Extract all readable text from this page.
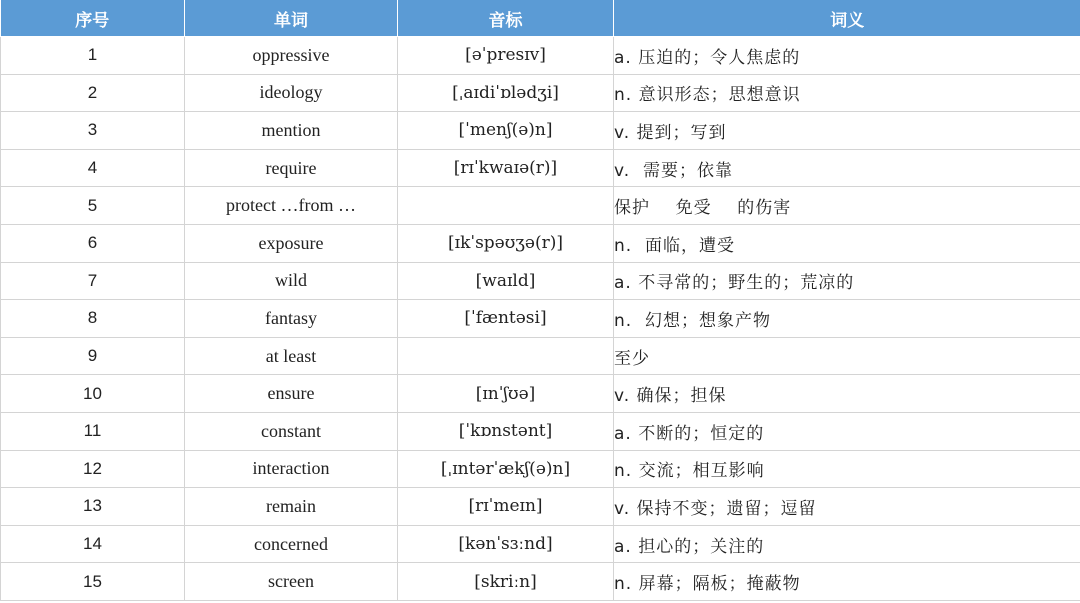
序号	单词	音标	词义
1	oppressive	[əˈpresɪv]	a. 压迫的；令人焦虑的
2	ideology	[ˌaɪdiˈɒlədʒi]	n. 意识形态；思想意识
3	mention	[ˈmenʃ(ə)n]	v. 提到；写到
4	require	[rɪˈkwaɪə(r)]	v.  需要；依靠
5	protect …from …		保护    免受    的伤害
6	exposure	[ɪkˈspəʊʒə(r)]	n.  面临，遭受
7	wild	[waɪld]	a. 不寻常的；野生的；荒凉的
8	fantasy	[ˈfæntəsi]	n.  幻想；想象产物
9	at least		至少
10	ensure	[ɪnˈʃʊə]	v. 确保；担保
11	constant	[ˈkɒnstənt]	a. 不断的；恒定的
12	interaction	[ˌɪntərˈækʃ(ə)n]	n. 交流；相互影响
13	remain	[rɪˈmeɪn]	v. 保持不变；遗留；逗留
14	concerned	[kənˈsɜːnd]	a. 担心的；关注的
15	screen	[skriːn]	n. 屏幕；隔板；掩蔽物
